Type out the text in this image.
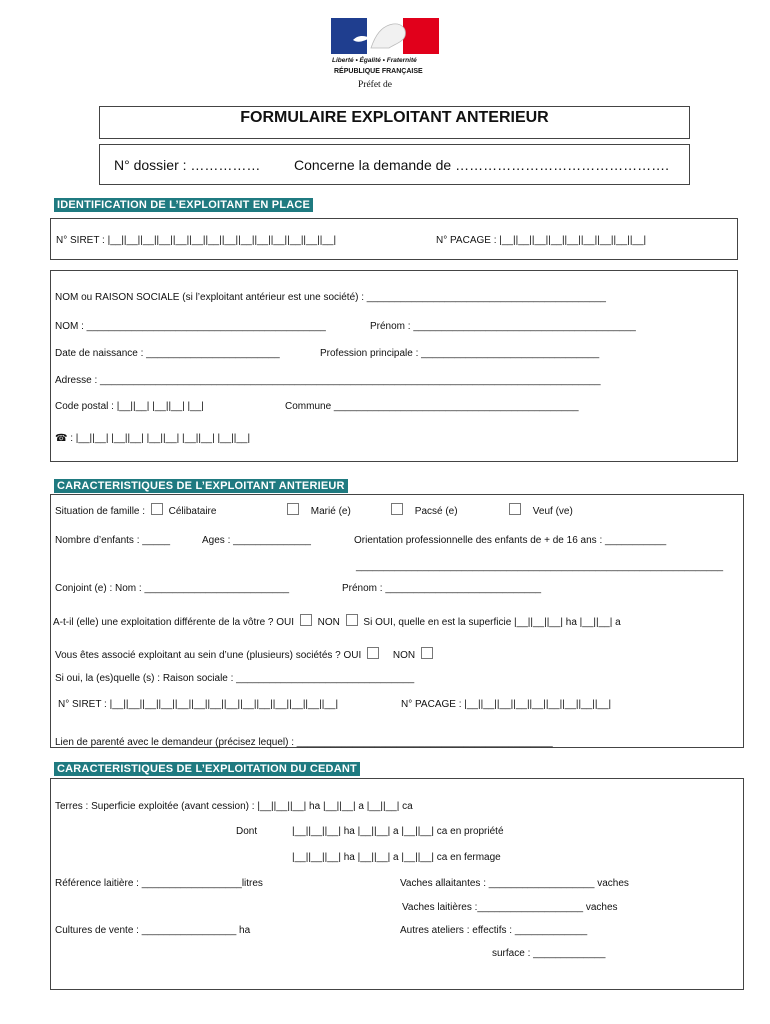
Liberté • Égalité • Fraternité
RÉPUBLIQUE FRANÇAISE
Préfet de
FORMULAIRE EXPLOITANT ANTERIEUR
N° dossier : …………… Concerne la demande de ……………………………………….
IDENTIFICATION DE L’EXPLOITANT EN PLACE
N° SIRET : |__||__||__||__||__||__||__||__||__||__||__||__||__||__|	N° PACAGE : |__||__||__||__||__||__||__||__||__|
NOM ou RAISON SOCIALE (si l’exploitant antérieur est une société) : ___________________________________________
NOM : ___________________________________________	Prénom : ________________________________________
Date de naissance : ________________________	Profession principale : ________________________________
Adresse : __________________________________________________________________________________________
Code postal : |__||__| |__||__| |__|	Commune ____________________________________________
☎ : |__||__| |__||__| |__||__| |__||__| |__||__|
CARACTERISTIQUES DE L’EXPLOITANT ANTERIEUR
Situation de famille : Célibataire	Marié (e)	Pacsé (e)	Veuf (ve)
Nombre d’enfants : _____	Ages : ______________	Orientation professionnelle des enfants de + de 16 ans : ___________
__________________________________________________________________
Conjoint (e) : Nom : __________________________	Prénom : ____________________________
A-t-il (elle) une exploitation différente de la vôtre ? OUI NON Si OUI, quelle en est la superficie |__||__||__| ha |__||__| a
Vous êtes associé exploitant au sein d’une (plusieurs) sociétés ? OUI	NON
Si oui, la (es)quelle (s) : Raison sociale : ________________________________
N° SIRET : |__||__||__||__||__||__||__||__||__||__||__||__||__||__|	N° PACAGE : |__||__||__||__||__||__||__||__||__|
Lien de parenté avec le demandeur (précisez lequel) : ______________________________________________
CARACTERISTIQUES DE L’EXPLOITATION DU CEDANT
Terres : Superficie exploitée (avant cession) : |__||__||__| ha |__||__| a |__||__| ca
Dont	|__||__||__| ha |__||__| a |__||__| ca en propriété
|__||__||__| ha |__||__| a |__||__| ca en fermage
Référence laitière : __________________litres	Vaches allaitantes : ___________________ vaches
Vaches laitières :___________________ vaches
Cultures de vente : _________________ ha	Autres ateliers : effectifs : _____________
surface : _____________
